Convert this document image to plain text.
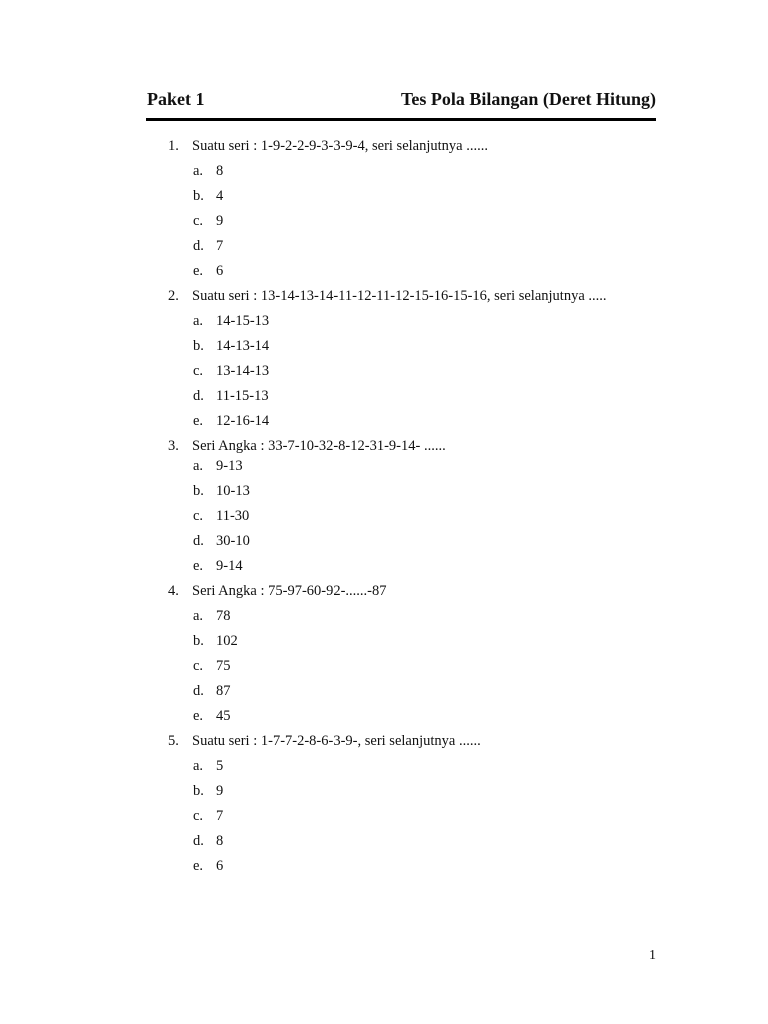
Paket 1	Tes Pola Bilangan (Deret Hitung)
1. Suatu seri : 1-9-2-2-9-3-3-9-4, seri selanjutnya ......
a. 8
b. 4
c. 9
d. 7
e. 6
2. Suatu seri : 13-14-13-14-11-12-11-12-15-16-15-16, seri selanjutnya .....
a. 14-15-13
b. 14-13-14
c. 13-14-13
d. 11-15-13
e. 12-16-14
3. Seri Angka : 33-7-10-32-8-12-31-9-14- ......
a. 9-13
b. 10-13
c. 11-30
d. 30-10
e. 9-14
4. Seri Angka : 75-97-60-92-......-87
a. 78
b. 102
c. 75
d. 87
e. 45
5. Suatu seri : 1-7-7-2-8-6-3-9-, seri selanjutnya ......
a. 5
b. 9
c. 7
d. 8
e. 6
1
